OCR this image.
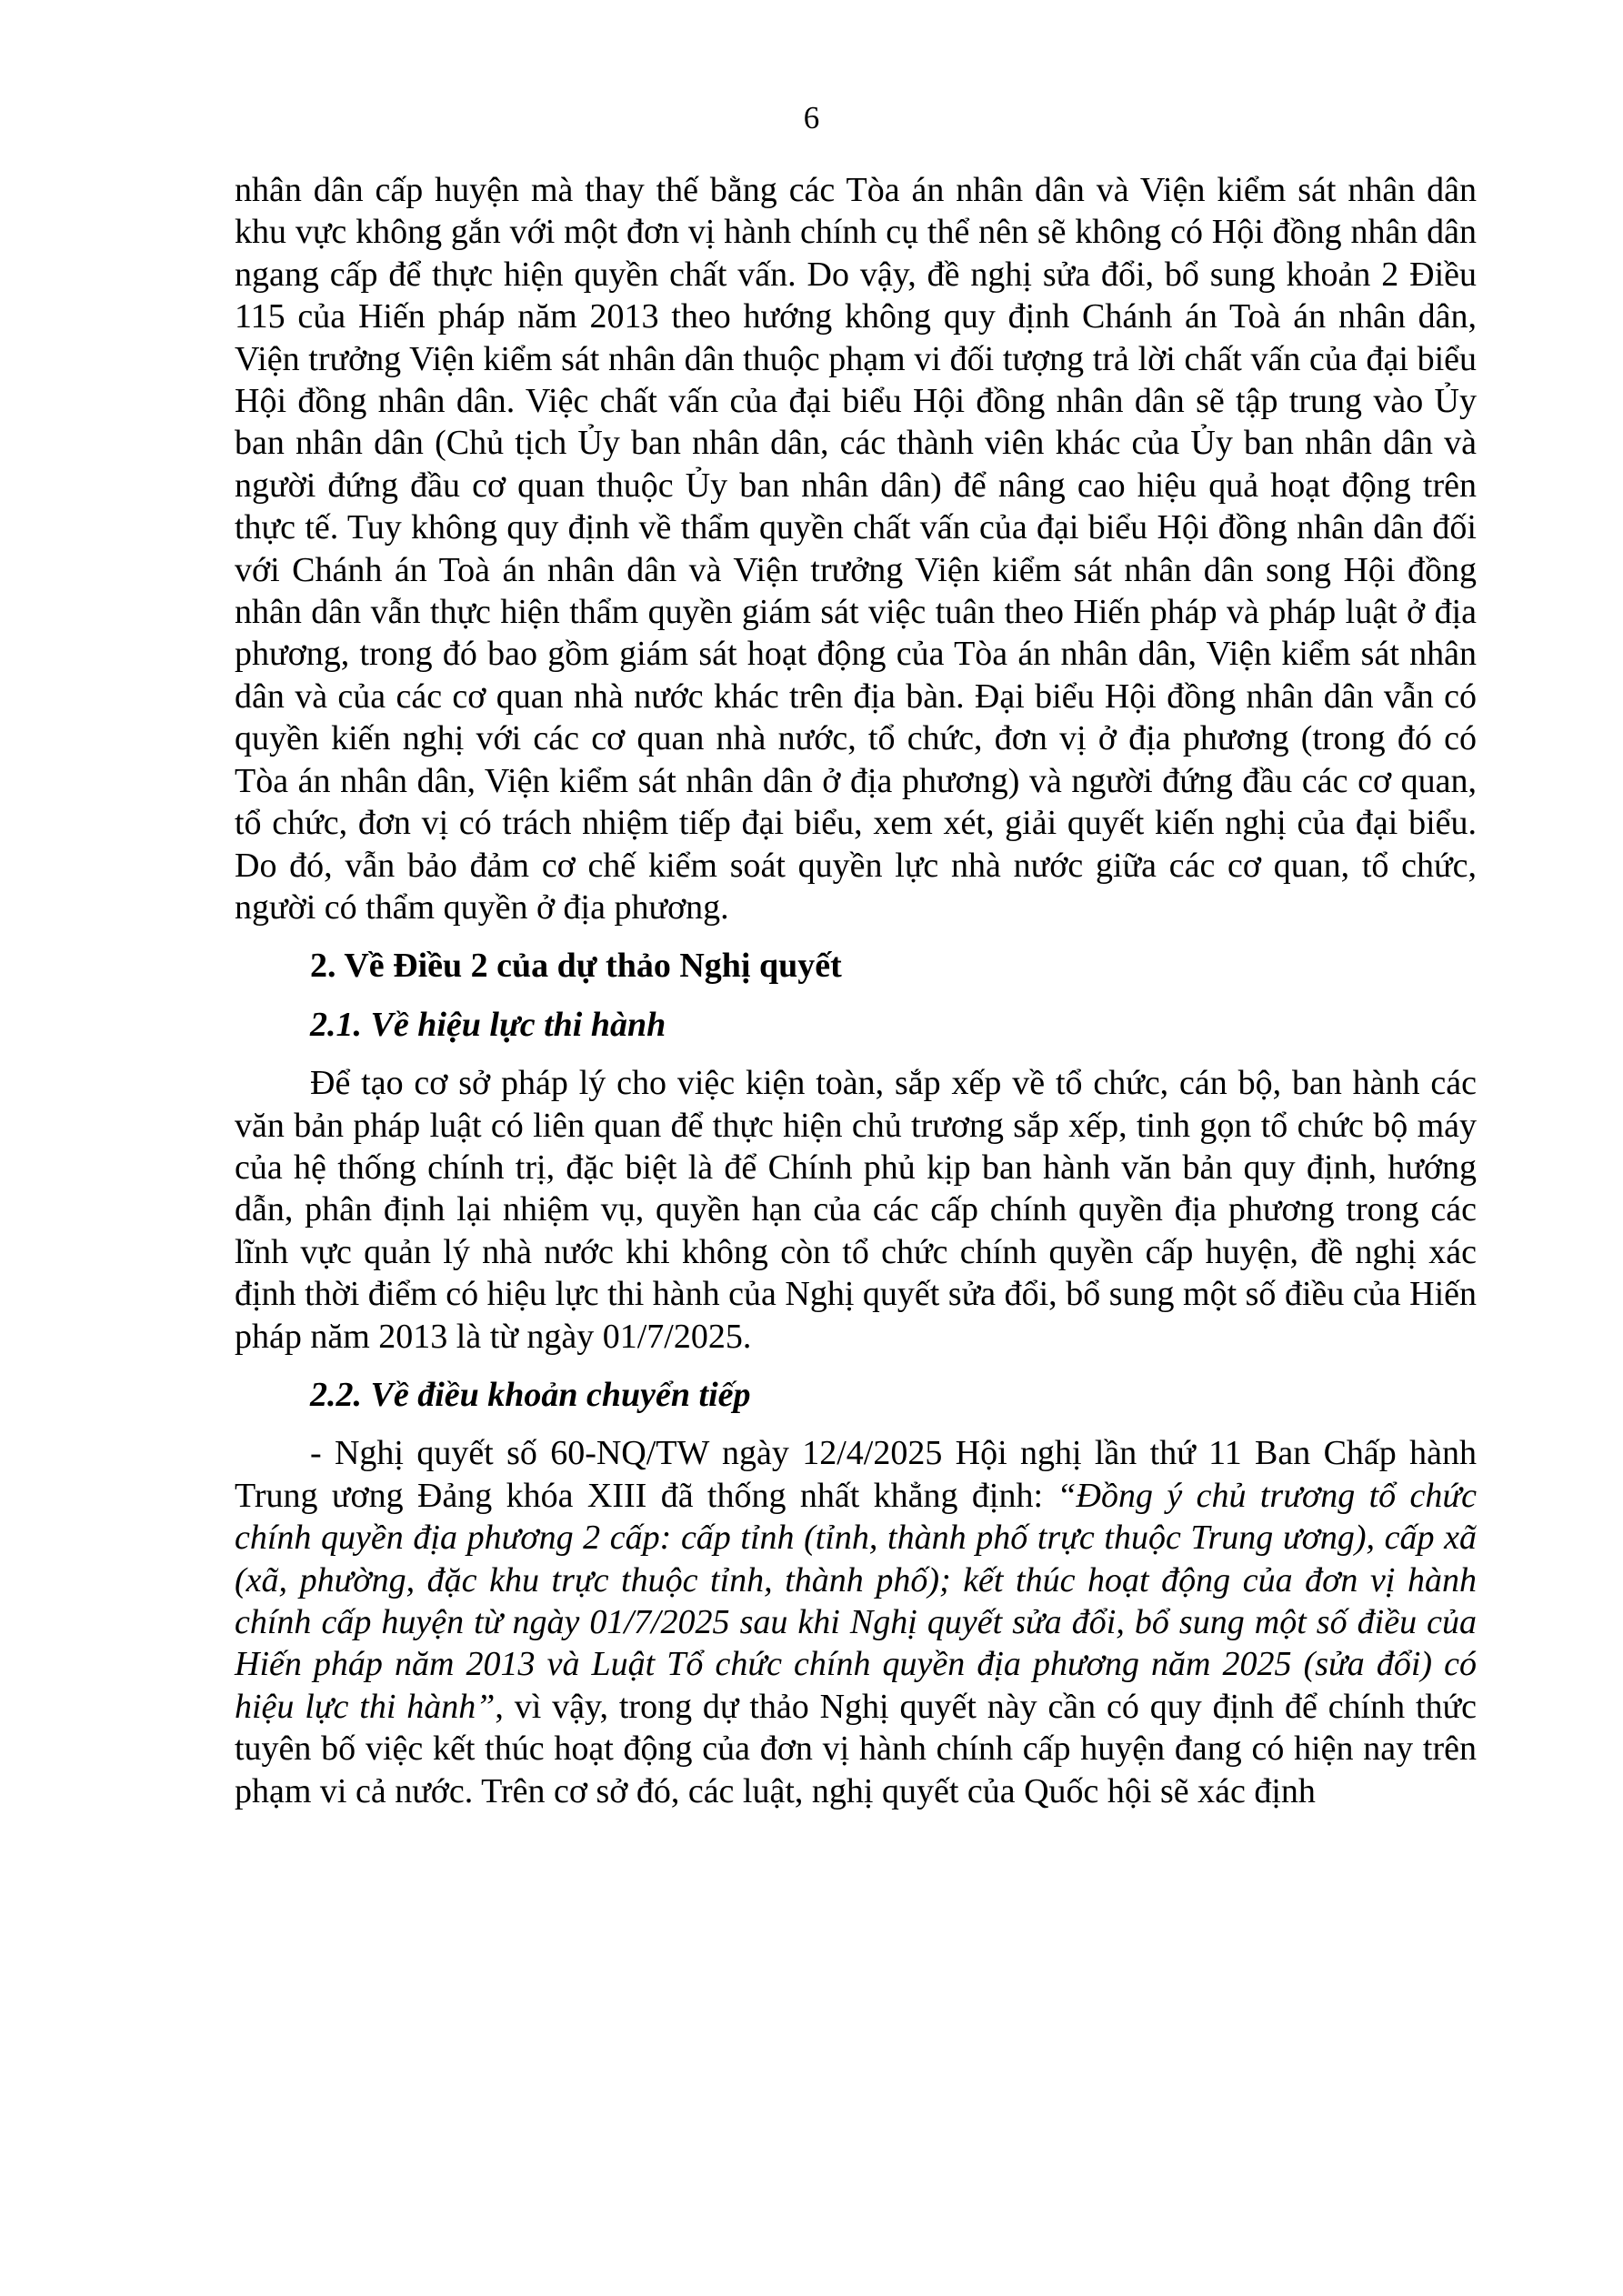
6

nhân dân cấp huyện mà thay thế bằng các Tòa án nhân dân và Viện kiểm sát nhân dân khu vực không gắn với một đơn vị hành chính cụ thể nên sẽ không có Hội đồng nhân dân ngang cấp để thực hiện quyền chất vấn. Do vậy, đề nghị sửa đổi, bổ sung khoản 2 Điều 115 của Hiến pháp năm 2013 theo hướng không quy định Chánh án Toà án nhân dân, Viện trưởng Viện kiểm sát nhân dân thuộc phạm vi đối tượng trả lời chất vấn của đại biểu Hội đồng nhân dân. Việc chất vấn của đại biểu Hội đồng nhân dân sẽ tập trung vào Ủy ban nhân dân (Chủ tịch Ủy ban nhân dân, các thành viên khác của Ủy ban nhân dân và người đứng đầu cơ quan thuộc Ủy ban nhân dân) để nâng cao hiệu quả hoạt động trên thực tế. Tuy không quy định về thẩm quyền chất vấn của đại biểu Hội đồng nhân dân đối với Chánh án Toà án nhân dân và Viện trưởng Viện kiểm sát nhân dân song Hội đồng nhân dân vẫn thực hiện thẩm quyền giám sát việc tuân theo Hiến pháp và pháp luật ở địa phương, trong đó bao gồm giám sát hoạt động của Tòa án nhân dân, Viện kiểm sát nhân dân và của các cơ quan nhà nước khác trên địa bàn. Đại biểu Hội đồng nhân dân vẫn có quyền kiến nghị với các cơ quan nhà nước, tổ chức, đơn vị ở địa phương (trong đó có Tòa án nhân dân, Viện kiểm sát nhân dân ở địa phương) và người đứng đầu các cơ quan, tổ chức, đơn vị có trách nhiệm tiếp đại biểu, xem xét, giải quyết kiến nghị của đại biểu. Do đó, vẫn bảo đảm cơ chế kiểm soát quyền lực nhà nước giữa các cơ quan, tổ chức, người có thẩm quyền ở địa phương.

2. Về Điều 2 của dự thảo Nghị quyết

2.1. Về hiệu lực thi hành

Để tạo cơ sở pháp lý cho việc kiện toàn, sắp xếp về tổ chức, cán bộ, ban hành các văn bản pháp luật có liên quan để thực hiện chủ trương sắp xếp, tinh gọn tổ chức bộ máy của hệ thống chính trị, đặc biệt là để Chính phủ kịp ban hành văn bản quy định, hướng dẫn, phân định lại nhiệm vụ, quyền hạn của các cấp chính quyền địa phương trong các lĩnh vực quản lý nhà nước khi không còn tổ chức chính quyền cấp huyện, đề nghị xác định thời điểm có hiệu lực thi hành của Nghị quyết sửa đổi, bổ sung một số điều của Hiến pháp năm 2013 là từ ngày 01/7/2025.

2.2. Về điều khoản chuyển tiếp

- Nghị quyết số 60-NQ/TW ngày 12/4/2025 Hội nghị lần thứ 11 Ban Chấp hành Trung ương Đảng khóa XIII đã thống nhất khẳng định: “Đồng ý chủ trương tổ chức chính quyền địa phương 2 cấp: cấp tỉnh (tỉnh, thành phố trực thuộc Trung ương), cấp xã (xã, phường, đặc khu trực thuộc tỉnh, thành phố); kết thúc hoạt động của đơn vị hành chính cấp huyện từ ngày 01/7/2025 sau khi Nghị quyết sửa đổi, bổ sung một số điều của Hiến pháp năm 2013 và Luật Tổ chức chính quyền địa phương năm 2025 (sửa đổi) có hiệu lực thi hành”, vì vậy, trong dự thảo Nghị quyết này cần có quy định để chính thức tuyên bố việc kết thúc hoạt động của đơn vị hành chính cấp huyện đang có hiện nay trên phạm vi cả nước. Trên cơ sở đó, các luật, nghị quyết của Quốc hội sẽ xác định
